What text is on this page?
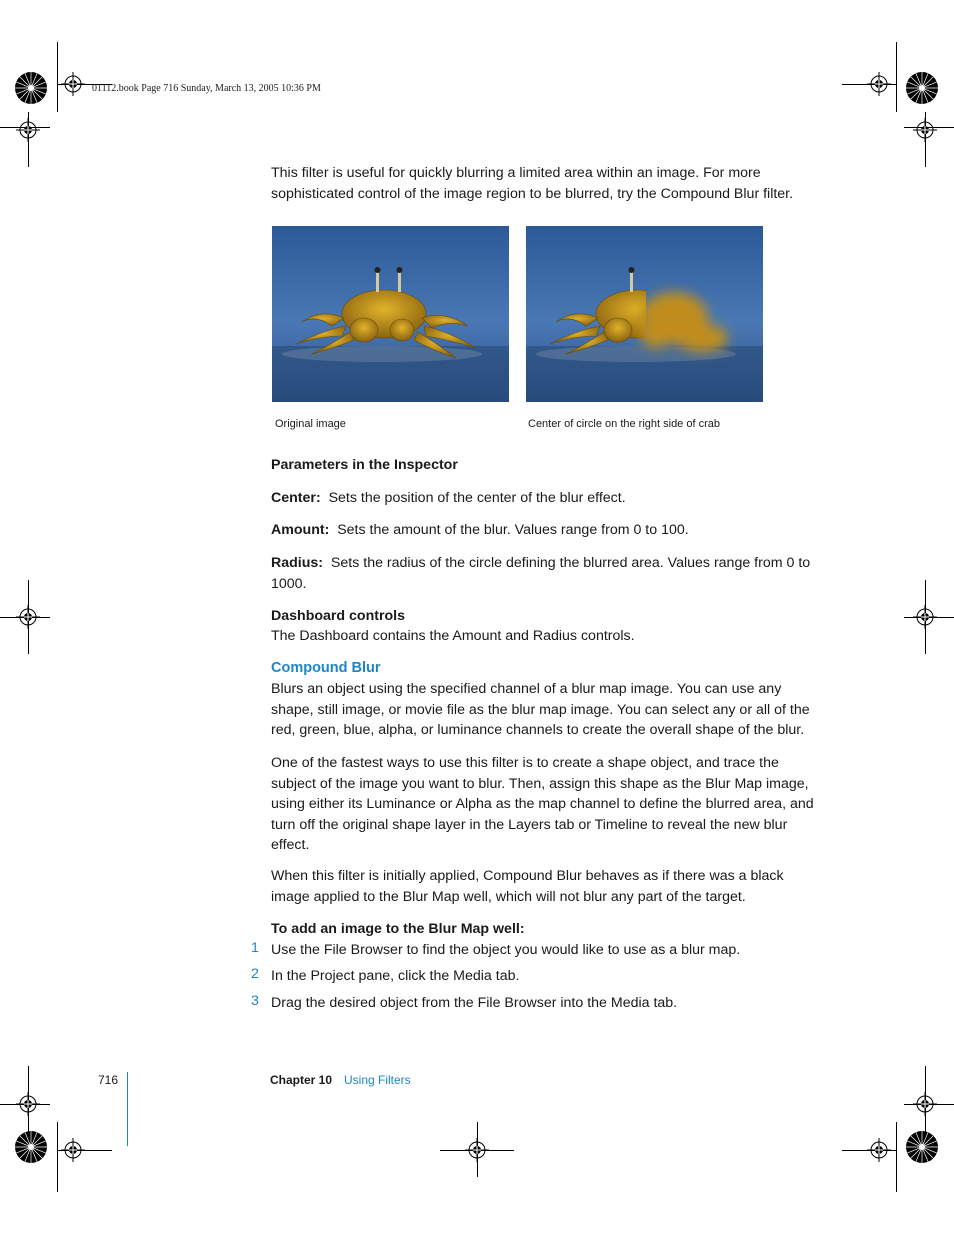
01112.book Page 716 Sunday, March 13, 2005 10:36 PM

This filter is useful for quickly blurring a limited area within an image. For more sophisticated control of the image region to be blurred, try the Compound Blur filter.

Original image	Center of circle on the right side of crab
Parameters in the Inspector

Center: Sets the position of the center of the blur effect.

Amount: Sets the amount of the blur. Values range from 0 to 100.

Radius: Sets the radius of the circle defining the blurred area. Values range from 0 to 1000.

Dashboard controls

The Dashboard contains the Amount and Radius controls.

Compound Blur

Blurs an object using the specified channel of a blur map image. You can use any shape, still image, or movie file as the blur map image. You can select any or all of the red, green, blue, alpha, or luminance channels to create the overall shape of the blur.

One of the fastest ways to use this filter is to create a shape object, and trace the subject of the image you want to blur. Then, assign this shape as the Blur Map image, using either its Luminance or Alpha as the map channel to define the blurred area, and turn off the original shape layer in the Layers tab or Timeline to reveal the new blur effect.

When this filter is initially applied, Compound Blur behaves as if there was a black image applied to the Blur Map well, which will not blur any part of the target.

To add an image to the Blur Map well:
1 Use the File Browser to find the object you would like to use as a blur map.
2 In the Project pane, click the Media tab.
3 Drag the desired object from the File Browser into the Media tab.
716	Chapter 10 Using Filters
